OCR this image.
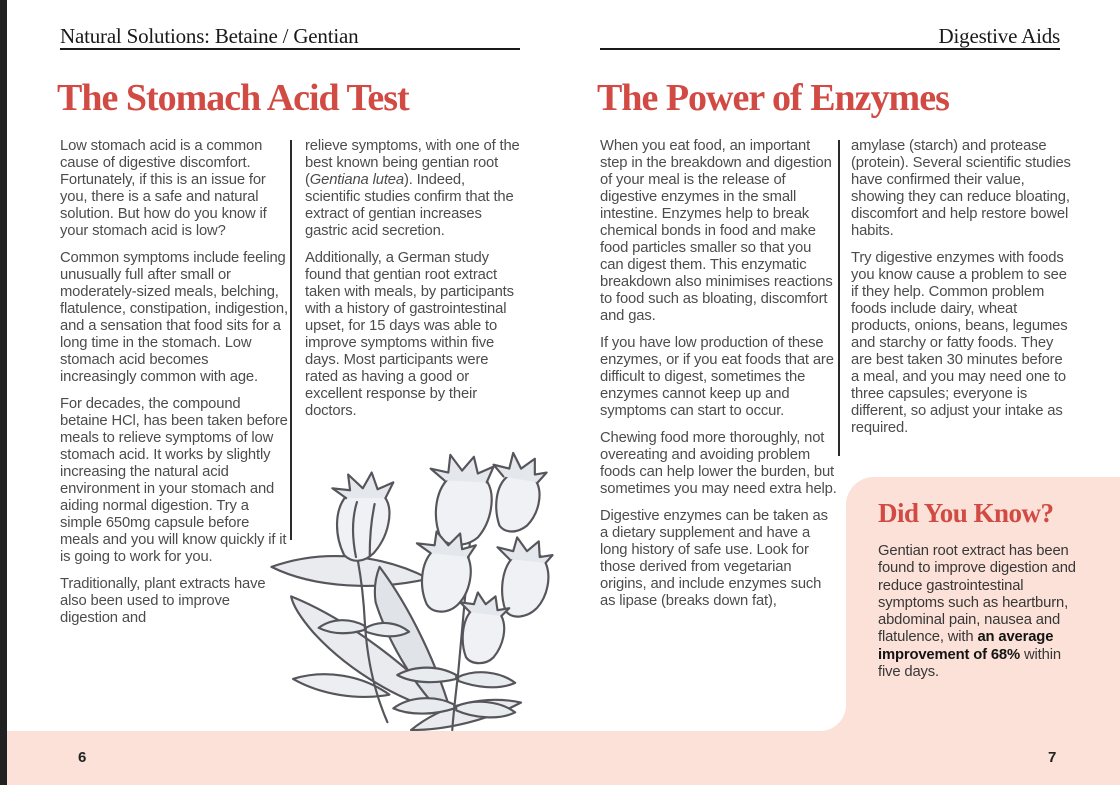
Natural Solutions: Betaine / Gentian
The Stomach Acid Test

Low stomach acid is a common cause of digestive discomfort. Fortunately, if this is an issue for you, there is a safe and natural solution. But how do you know if your stomach acid is low?

Common symptoms include feeling unusually full after small or moderately-sized meals, belching, flatulence, constipation, indigestion, and a sensation that food sits for a long time in the stomach. Low stomach acid becomes increasingly common with age.

For decades, the compound betaine HCl, has been taken before meals to relieve symptoms of low stomach acid. It works by slightly increasing the natural acid environment in your stomach and aiding normal digestion. Try a simple 650mg capsule before meals and you will know quickly if it is going to work for you.

Traditionally, plant extracts have also been used to improve digestion and

relieve symptoms, with one of the best known being gentian root (Gentiana lutea). Indeed, scientific studies confirm that the extract of gentian increases gastric acid secretion.

Additionally, a German study found that gentian root extract taken with meals, by participants with a history of gastrointestinal upset, for 15 days was able to improve symptoms within five days. Most participants were rated as having a good or excellent response by their doctors.

Digestive Aids
The Power of Enzymes

When you eat food, an important step in the breakdown and digestion of your meal is the release of digestive enzymes in the small intestine. Enzymes help to break chemical bonds in food and make food particles smaller so that you can digest them. This enzymatic breakdown also minimises reactions to food such as bloating, discomfort and gas.

If you have low production of these enzymes, or if you eat foods that are difficult to digest, sometimes the enzymes cannot keep up and symptoms can start to occur.

Chewing food more thoroughly, not overeating and avoiding problem foods can help lower the burden, but sometimes you may need extra help.

Digestive enzymes can be taken as a dietary supplement and have a long history of safe use. Look for those derived from vegetarian origins, and include enzymes such as lipase (breaks down fat),

amylase (starch) and protease (protein). Several scientific studies have confirmed their value, showing they can reduce bloating, discomfort and help restore bowel habits.

Try digestive enzymes with foods you know cause a problem to see if they help. Common problem foods include dairy, wheat products, onions, beans, legumes and starchy or fatty foods. They are best taken 30 minutes before a meal, and you may need one to three capsules; everyone is different, so adjust your intake as required.

Did You Know?
Gentian root extract has been found to improve digestion and reduce gastrointestinal symptoms such as heartburn, abdominal pain, nausea and flatulence, with an average improvement of 68% within five days.
6	7
